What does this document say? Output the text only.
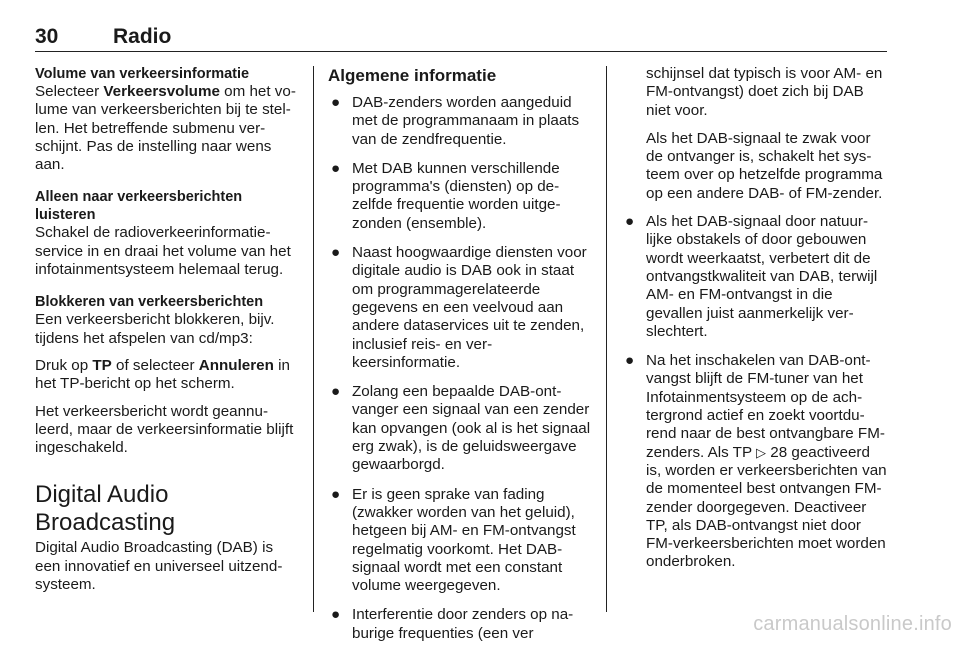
30	Radio
Volume van verkeersinformatie
Selecteer Verkeersvolume om het volume van verkeersberichten bij te stellen. Het betreffende submenu verschijnt. Pas de instelling naar wens aan.
Alleen naar verkeersberichten luisteren
Schakel de radioverkeerinformatieservice in en draai het volume van het infotainmentsysteem helemaal terug.
Blokkeren van verkeersberichten
Een verkeersbericht blokkeren, bijv. tijdens het afspelen van cd/mp3:
Druk op TP of selecteer Annuleren in het TP-bericht op het scherm.
Het verkeersbericht wordt geannuleerd, maar de verkeersinformatie blijft ingeschakeld.
Digital Audio Broadcasting
Digital Audio Broadcasting (DAB) is een innovatief en universeel uitzendsysteem.
Algemene informatie
● DAB-zenders worden aangeduid met de programmanaam in plaats van de zendfrequentie.
● Met DAB kunnen verschillende programma's (diensten) op dezelfde frequentie worden uitgezonden (ensemble).
● Naast hoogwaardige diensten voor digitale audio is DAB ook in staat om programmagerelateerde gegevens en een veelvoud aan andere dataservices uit te zenden, inclusief reis- en verkeersinformatie.
● Zolang een bepaalde DAB-ontvanger een signaal van een zender kan opvangen (ook al is het signaal erg zwak), is de geluidsweergave gewaarborgd.
● Er is geen sprake van fading (zwakker worden van het geluid), hetgeen bij AM- en FM-ontvangst regelmatig voorkomt. Het DAB-signaal wordt met een constant volume weergegeven.
● Interferentie door zenders op naburige frequenties (een ver
schijnsel dat typisch is voor AM- en FM-ontvangst) doet zich bij DAB niet voor.
Als het DAB-signaal te zwak voor de ontvanger is, schakelt het systeem over op hetzelfde programma op een andere DAB- of FM-zender.
● Als het DAB-signaal door natuurlijke obstakels of door gebouwen wordt weerkaatst, verbetert dit de ontvangstkwaliteit van DAB, terwijl AM- en FM-ontvangst in die gevallen juist aanmerkelijk verslechtert.
● Na het inschakelen van DAB-ontvangst blijft de FM-tuner van het Infotainmentsysteem op de achtergrond actief en zoekt voortdurend naar de best ontvangbare FM-zenders. Als TP ▷ 28 geactiveerd is, worden er verkeersberichten van de momenteel best ontvangen FM-zender doorgegeven. Deactiveer TP, als DAB-ontvangst niet door FM-verkeersberichten moet worden onderbroken.
carmanualsonline.info
